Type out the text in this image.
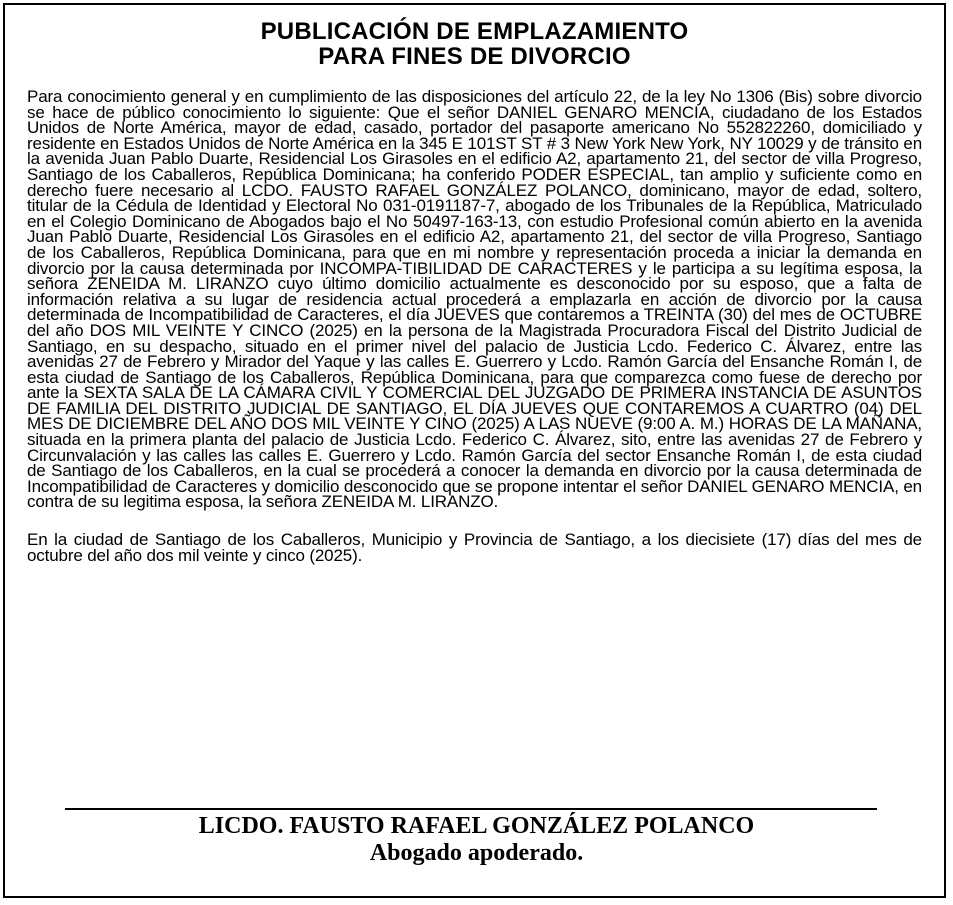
PUBLICACIÓN DE EMPLAZAMIENTO
PARA FINES DE DIVORCIO
Para conocimiento general y en cumplimiento de las disposiciones del artículo 22, de la ley No 1306 (Bis) sobre divorcio se hace de público conocimiento lo siguiente: Que el señor DANIEL GENARO MENCIA, ciudadano de los Estados Unidos de Norte América, mayor de edad, casado, portador del pasaporte americano No 552822260, domiciliado y residente en Estados Unidos de Norte América en la 345 E 101ST ST # 3 New York New York, NY 10029 y de tránsito en la avenida Juan Pablo Duarte, Residencial Los Girasoles en el edificio A2, apartamento 21, del sector de villa Progreso, Santiago de los Caballeros, República Dominicana; ha conferido PODER ESPECIAL, tan amplio y suficiente como en derecho fuere necesario al LCDO. FAUSTO RAFAEL GONZÁLEZ POLANCO, dominicano, mayor de edad, soltero, titular de la Cédula de Identidad y Electoral No 031-0191187-7, abogado de los Tribunales de la República, Matriculado en el Colegio Dominicano de Abogados bajo el No 50497-163-13, con estudio Profesional común abierto en la avenida Juan Pablo Duarte, Residencial Los Girasoles en el edificio A2, apartamento 21, del sector de villa Progreso, Santiago de los Caballeros, República Dominicana, para que en mi nombre y representación proceda a iniciar la demanda en divorcio por la causa determinada por INCOMPA-TIBILIDAD DE CARACTERES y le participa a su legítima esposa, la señora ZENEIDA M. LIRANZO cuyo último domicilio actualmente es desconocido por su esposo, que a falta de información relativa a su lugar de residencia actual procederá a emplazarla en acción de divorcio por la causa determinada de Incompatibilidad de Caracteres, el día JUEVES que contaremos a TREINTA (30) del mes de OCTUBRE del año DOS MIL VEINTE Y CINCO (2025) en la persona de la Magistrada Procuradora Fiscal del Distrito Judicial de Santiago, en su despacho, situado en el primer nivel del palacio de Justicia Lcdo. Federico C. Álvarez, entre las avenidas 27 de Febrero y Mirador del Yaque y las calles E. Guerrero y Lcdo. Ramón García del Ensanche Román I, de esta ciudad de Santiago de los Caballeros, República Dominicana, para que comparezca como fuese de derecho por ante la SEXTA SALA DE LA CÁMARA CIVIL Y COMERCIAL DEL JUZGADO DE PRIMERA INSTANCIA DE ASUNTOS DE FAMILIA DEL DISTRITO JUDICIAL DE SANTIAGO, EL DÍA JUEVES QUE CONTAREMOS A CUARTRO (04) DEL MES DE DICIEMBRE DEL AÑO DOS MIL VEINTE Y CINO (2025) A LAS NUEVE (9:00 A. M.) HORAS DE LA MAÑANA, situada en la primera planta del palacio de Justicia Lcdo. Federico C. Álvarez, sito, entre las avenidas 27 de Febrero y Circunvalación y las calles las calles E. Guerrero y Lcdo. Ramón García del sector Ensanche Román I, de esta ciudad de Santiago de los Caballeros, en la cual se procederá a conocer la demanda en divorcio por la causa determinada de Incompatibilidad de Caracteres y domicilio desconocido que se propone intentar el señor DANIEL GENARO MENCIA, en contra de su legitima esposa, la señora ZENEIDA M. LIRANZO.
En la ciudad de Santiago de los Caballeros, Municipio y Provincia de Santiago, a los diecisiete (17) días del mes de octubre del año dos mil veinte y cinco (2025).
LICDO. FAUSTO RAFAEL GONZÁLEZ POLANCO
Abogado apoderado.
